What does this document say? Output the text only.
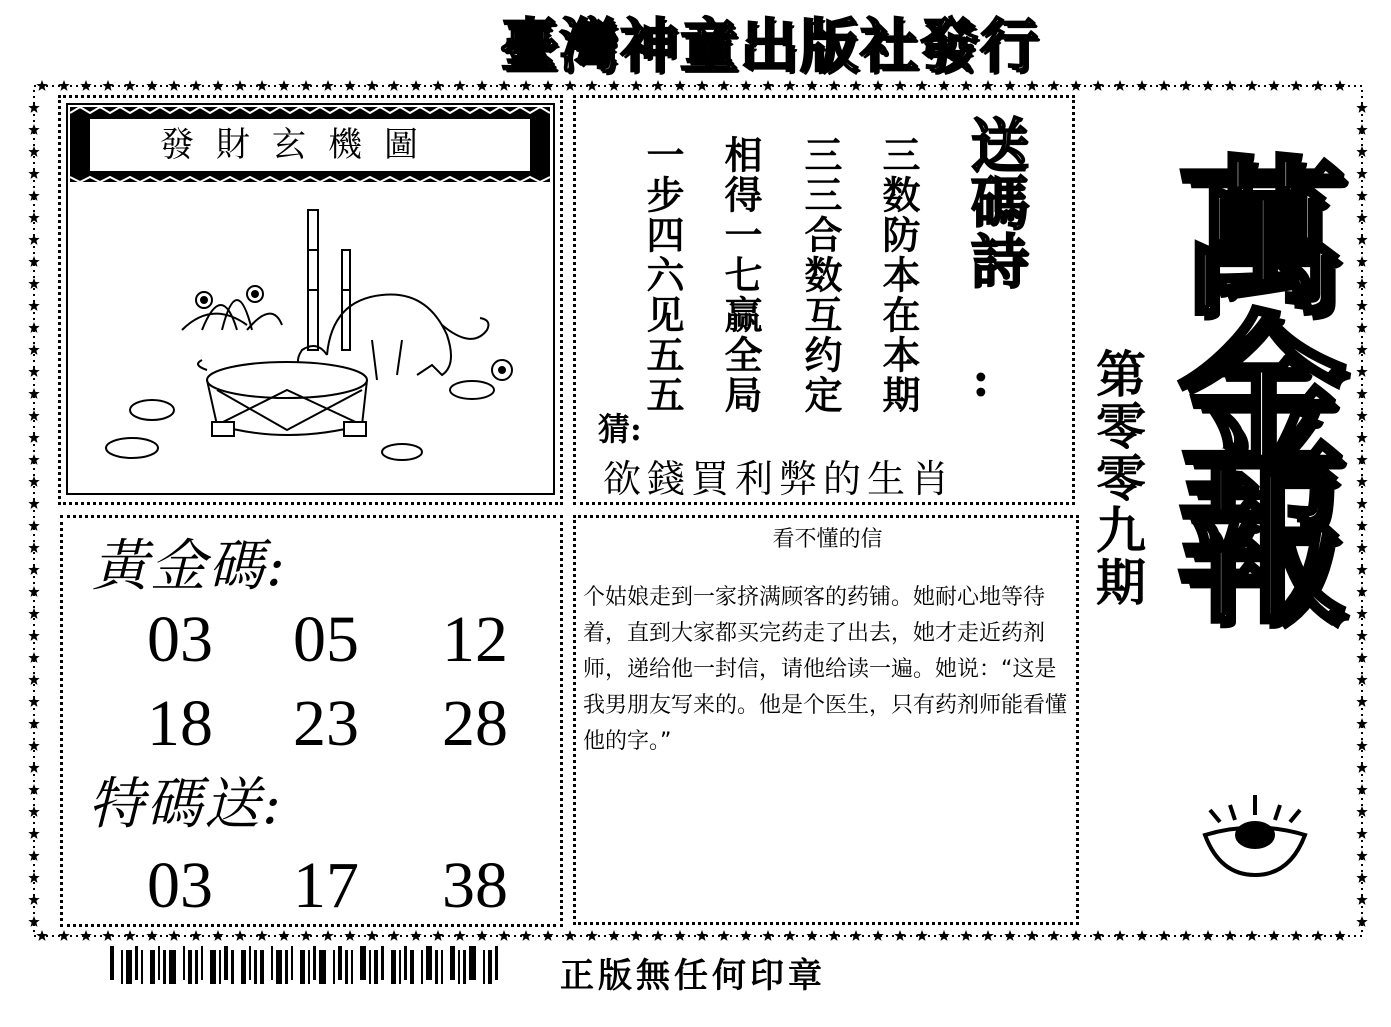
臺灣神童出版社發行
發財玄機圖	三数防本在本期
三三合数互约定
相得一七赢全局
一步四六见五五	送碼詩
:
猜:
欲錢買利弊的生肖
黃金碼:
03	05	12
18	23	28
特碼送:
03	17	38
看不懂的信
个姑娘走到一家挤满顾客的药铺。她耐心地等待着，直到大家都买完药走了出去，她才走近药剂师，递给他一封信，请他给读一遍。她说：“这是我男朋友写来的。他是个医生，只有药剂师能看懂他的字。”
萬金報
第零零九期
正版無任何印章
